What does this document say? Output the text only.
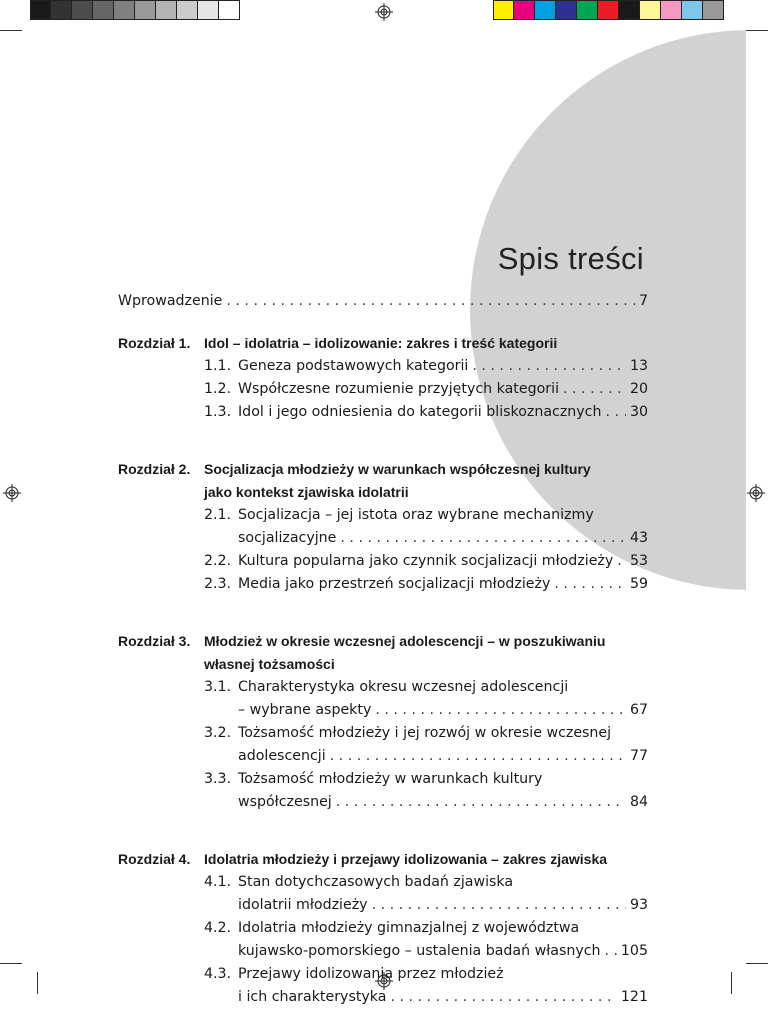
Spis treści
Wprowadzenie . . .	7
Rozdział 1. Idol – idolatria – idolizowanie: zakres i treść kategorii
1.1. Geneza podstawowych kategorii . . .	13
1.2. Współczesne rozumienie przyjętych kategorii . . .	20
1.3. Idol i jego odniesienia do kategorii bliskoznacznych . . . 30
Rozdział 2. Socjalizacja młodzieży w warunkach współczesnej kultury
jako kontekst zjawiska idolatrii
2.1. Socjalizacja – jej istota oraz wybrane mechanizmy
socjalizacyjne . . .	43
2.2. Kultura popularna jako czynnik socjalizacji młodzieży . . . 53
2.3. Media jako przestrzeń socjalizacji młodzieży . . .	59
Rozdział 3. Młodzież w okresie wczesnej adolescencji – w poszukiwaniu
własnej tożsamości
3.1. Charakterystyka okresu wczesnej adolescencji
– wybrane aspekty . . .	67
3.2. Tożsamość młodzieży i jej rozwój w okresie wczesnej
adolescencji . . .	77
3.3. Tożsamość młodzieży w warunkach kultury
współczesnej . . .	84
Rozdział 4. Idolatria młodzieży i przejawy idolizowania – zakres zjawiska
4.1. Stan dotychczasowych badań zjawiska
idolatrii młodzieży . . .	93
4.2. Idolatria młodzieży gimnazjalnej z województwa
kujawsko-pomorskiego – ustalenia badań własnych . . . 105
4.3. Przejawy idolizowania przez młodzież
i ich charakterystyka . . .	121
